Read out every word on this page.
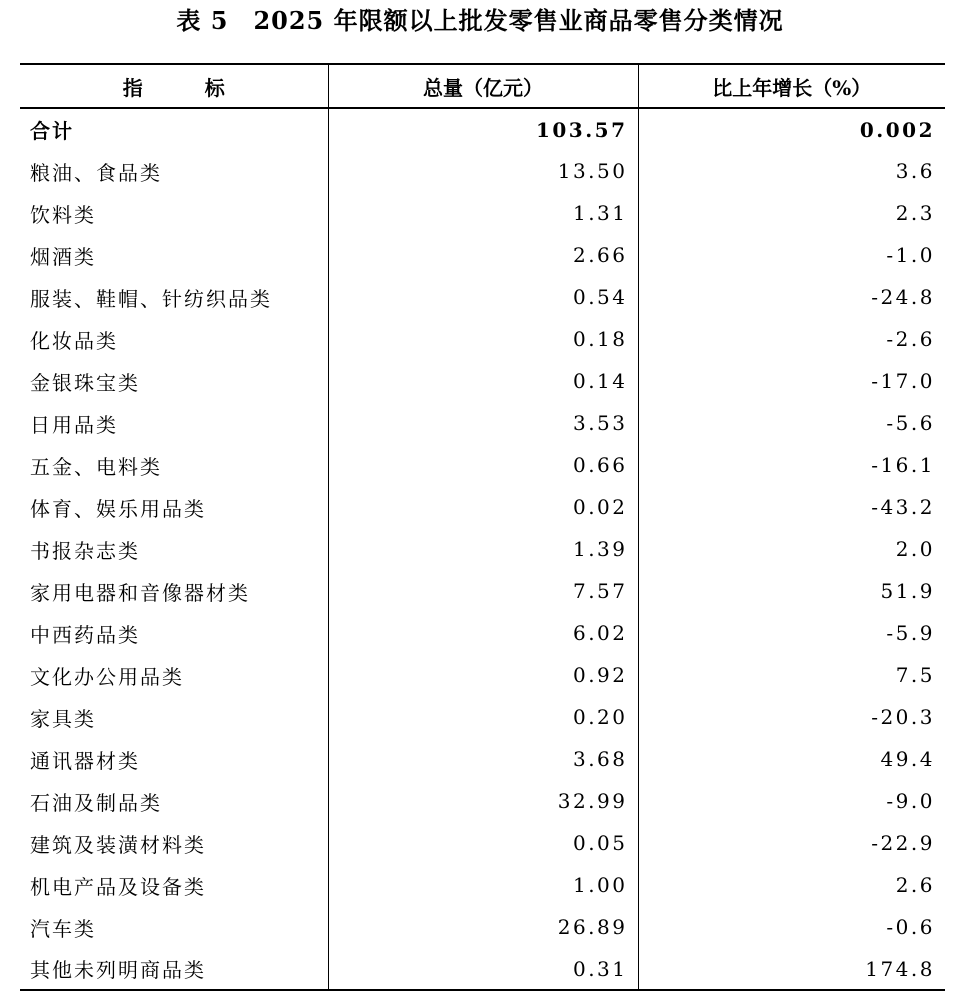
表 5　2025 年限额以上批发零售业商品零售分类情况
指 标	总量（亿元）	比上年增长（%）
合计	103.57	0.002
粮油、食品类	13.50	3.6
饮料类	1.31	2.3
烟酒类	2.66	-1.0
服装、鞋帽、针纺织品类	0.54	-24.8
化妆品类	0.18	-2.6
金银珠宝类	0.14	-17.0
日用品类	3.53	-5.6
五金、电料类	0.66	-16.1
体育、娱乐用品类	0.02	-43.2
书报杂志类	1.39	2.0
家用电器和音像器材类	7.57	51.9
中西药品类	6.02	-5.9
文化办公用品类	0.92	7.5
家具类	0.20	-20.3
通讯器材类	3.68	49.4
石油及制品类	32.99	-9.0
建筑及装潢材料类	0.05	-22.9
机电产品及设备类	1.00	2.6
汽车类	26.89	-0.6
其他未列明商品类	0.31	174.8
